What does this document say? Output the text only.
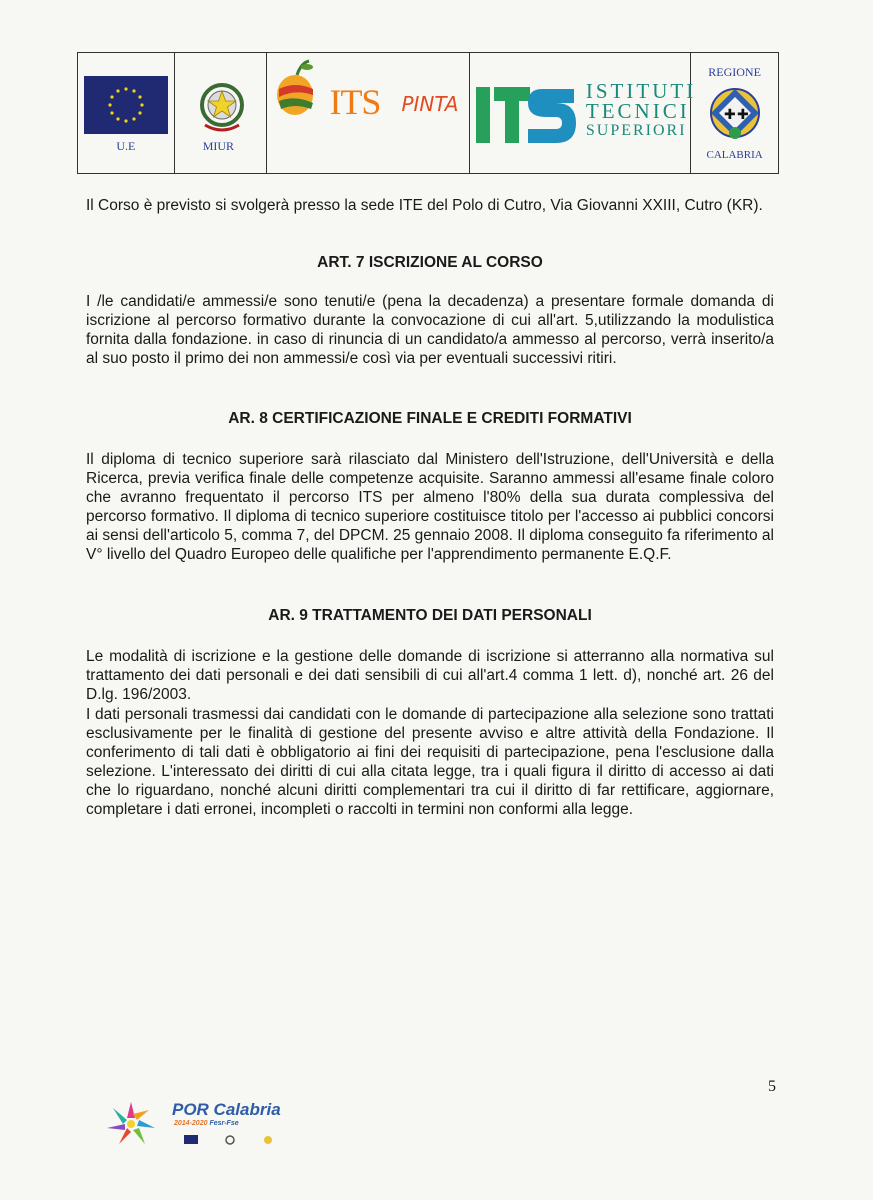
U.E	MIUR
ITS PINTA
ISTITUTI
TECNICI
SUPERIORI
REGIONE
✚ ✚
CALABRIA

Il Corso è previsto si svolgerà presso la sede ITE del Polo di Cutro, Via Giovanni XXIII, Cutro (KR).

ART. 7 ISCRIZIONE AL CORSO

I /le candidati/e ammessi/e sono tenuti/e (pena la decadenza) a presentare formale domanda di iscrizione al percorso formativo durante la convocazione di cui all'art. 5,utilizzando la modulistica fornita dalla fondazione. in caso di rinuncia di un candidato/a ammesso al percorso, verrà inserito/a al suo posto il primo dei non ammessi/e così via per eventuali successivi ritiri.

AR. 8 CERTIFICAZIONE FINALE E CREDITI FORMATIVI

Il diploma di tecnico superiore sarà rilasciato dal Ministero dell'Istruzione, dell'Università e della Ricerca, previa verifica finale delle competenze acquisite. Saranno ammessi all'esame finale coloro che avranno frequentato il percorso ITS per almeno l'80% della sua durata complessiva del percorso formativo. Il diploma di tecnico superiore costituisce titolo per l'accesso ai pubblici concorsi ai sensi dell'articolo 5, comma 7, del DPCM. 25 gennaio 2008. Il diploma conseguito fa riferimento al V° livello del Quadro Europeo delle qualifiche per l'apprendimento permanente E.Q.F.

AR. 9 TRATTAMENTO DEI DATI PERSONALI

Le modalità di iscrizione e la gestione delle domande di iscrizione si atterranno alla normativa sul trattamento dei dati personali e dei dati sensibili di cui all'art.4 comma 1 lett. d), nonché art. 26 del D.lg. 196/2003.

I dati personali trasmessi dai candidati con le domande di partecipazione alla selezione sono trattati esclusivamente per le finalità di gestione del presente avviso e altre attività della Fondazione. Il conferimento di tali dati è obbligatorio ai fini dei requisiti di partecipazione, pena l'esclusione dalla selezione. L'interessato dei diritti di cui alla citata legge, tra i quali figura il diritto di accesso ai dati che lo riguardano, nonché alcuni diritti complementari tra cui il diritto di far rettificare, aggiornare, completare i dati erronei, incompleti o raccolti in termini non conformi alla legge.

5
POR Calabria
2014-2020 Fesr-Fse
